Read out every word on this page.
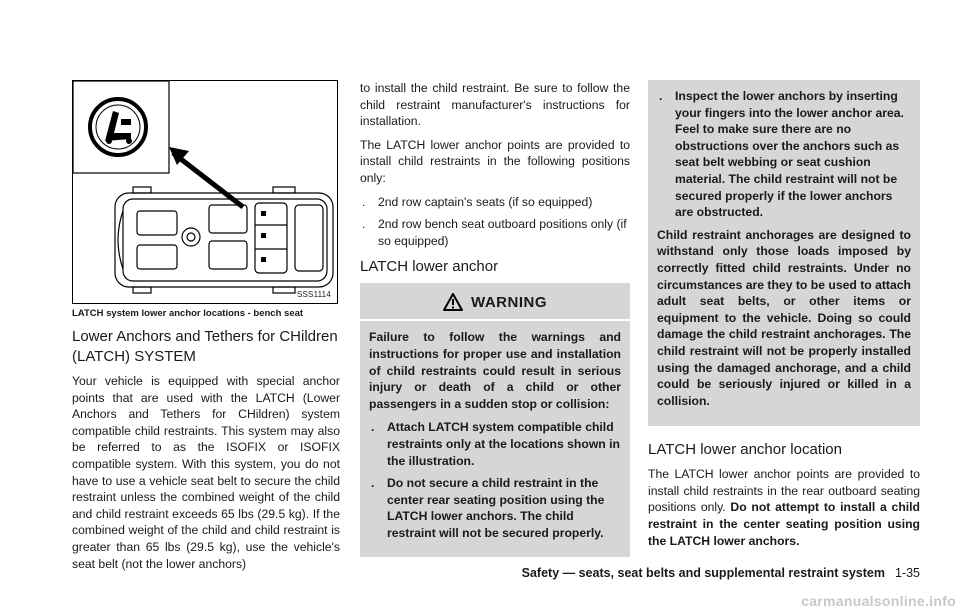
SSS1114
LATCH system lower anchor locations - bench seat
Lower Anchors and Tethers for CHildren (LATCH) SYSTEM

Your vehicle is equipped with special anchor points that are used with the LATCH (Lower Anchors and Tethers for CHildren) system compatible child restraints. This system may also be referred to as the ISOFIX or ISOFIX compatible system. With this system, you do not have to use a vehicle seat belt to secure the child restraint unless the combined weight of the child and child restraint exceeds 65 lbs (29.5 kg). If the combined weight of the child and child restraint is greater than 65 lbs (29.5 kg), use the vehicle's seat belt (not the lower anchors)

to install the child restraint. Be sure to follow the child restraint manufacturer's instructions for installation.

The LATCH lower anchor points are provided to install child restraints in the following positions only:

. 2nd row captain's seats (if so equipped)
. 2nd row bench seat outboard positions only (if so equipped)
LATCH lower anchor
WARNING

Failure to follow the warnings and instructions for proper use and installation of child restraints could result in serious injury or death of a child or other passengers in a sudden stop or collision:

. Attach LATCH system compatible child restraints only at the locations shown in the illustration.
. Do not secure a child restraint in the center rear seating position using the LATCH lower anchors. The child restraint will not be secured properly.
. Inspect the lower anchors by inserting your fingers into the lower anchor area. Feel to make sure there are no obstructions over the anchors such as seat belt webbing or seat cushion material. The child restraint will not be secured properly if the lower anchors are obstructed.

Child restraint anchorages are designed to withstand only those loads imposed by correctly fitted child restraints. Under no circumstances are they to be used to attach adult seat belts, or other items or equipment to the vehicle. Doing so could damage the child restraint anchorages. The child restraint will not be properly installed using the damaged anchorage, and a child could be seriously injured or killed in a collision.

LATCH lower anchor location

The LATCH lower anchor points are provided to install child restraints in the rear outboard seating positions only. Do not attempt to install a child restraint in the center seating position using the LATCH lower anchors.

Safety — seats, seat belts and supplemental restraint system 1-35
carmanualsonline.info
